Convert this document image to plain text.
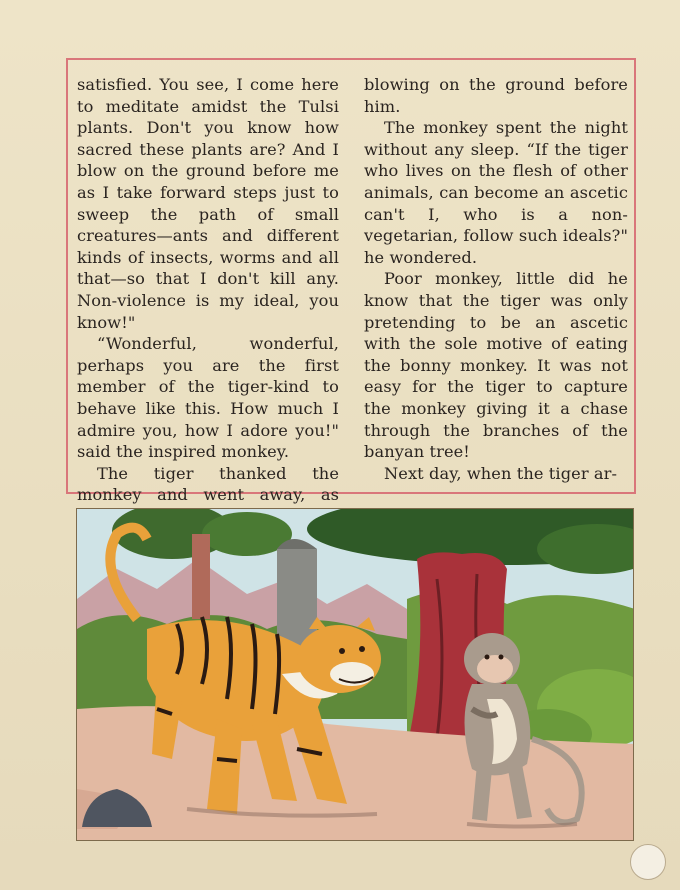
satisfied. You see, I come here to meditate amidst the Tulsi plants. Don't you know how sacred these plants are? And I blow on the ground before me as I take forward steps just to sweep the path of small creatures—ants and different kinds of insects, worms and all that—so that I don't kill any. Non-violence is my ideal, you know!"

“Wonderful, wonderful, perhaps you are the first member of the tiger-kind to behave like this. How much I admire you, how I adore you!" said the inspired monkey.

The tiger thanked the monkey and went away, as

blowing on the ground before him.

The monkey spent the night without any sleep. “If the tiger who lives on the flesh of other animals, can become an ascetic can't I, who is a non-vegetarian, follow such ideals?" he wondered.

Poor monkey, little did he know that the tiger was only pretending to be an ascetic with the sole motive of eating the bonny monkey. It was not easy for the tiger to capture the monkey giving it a chase through the branches of the banyan tree!

Next day, when the tiger ar-
